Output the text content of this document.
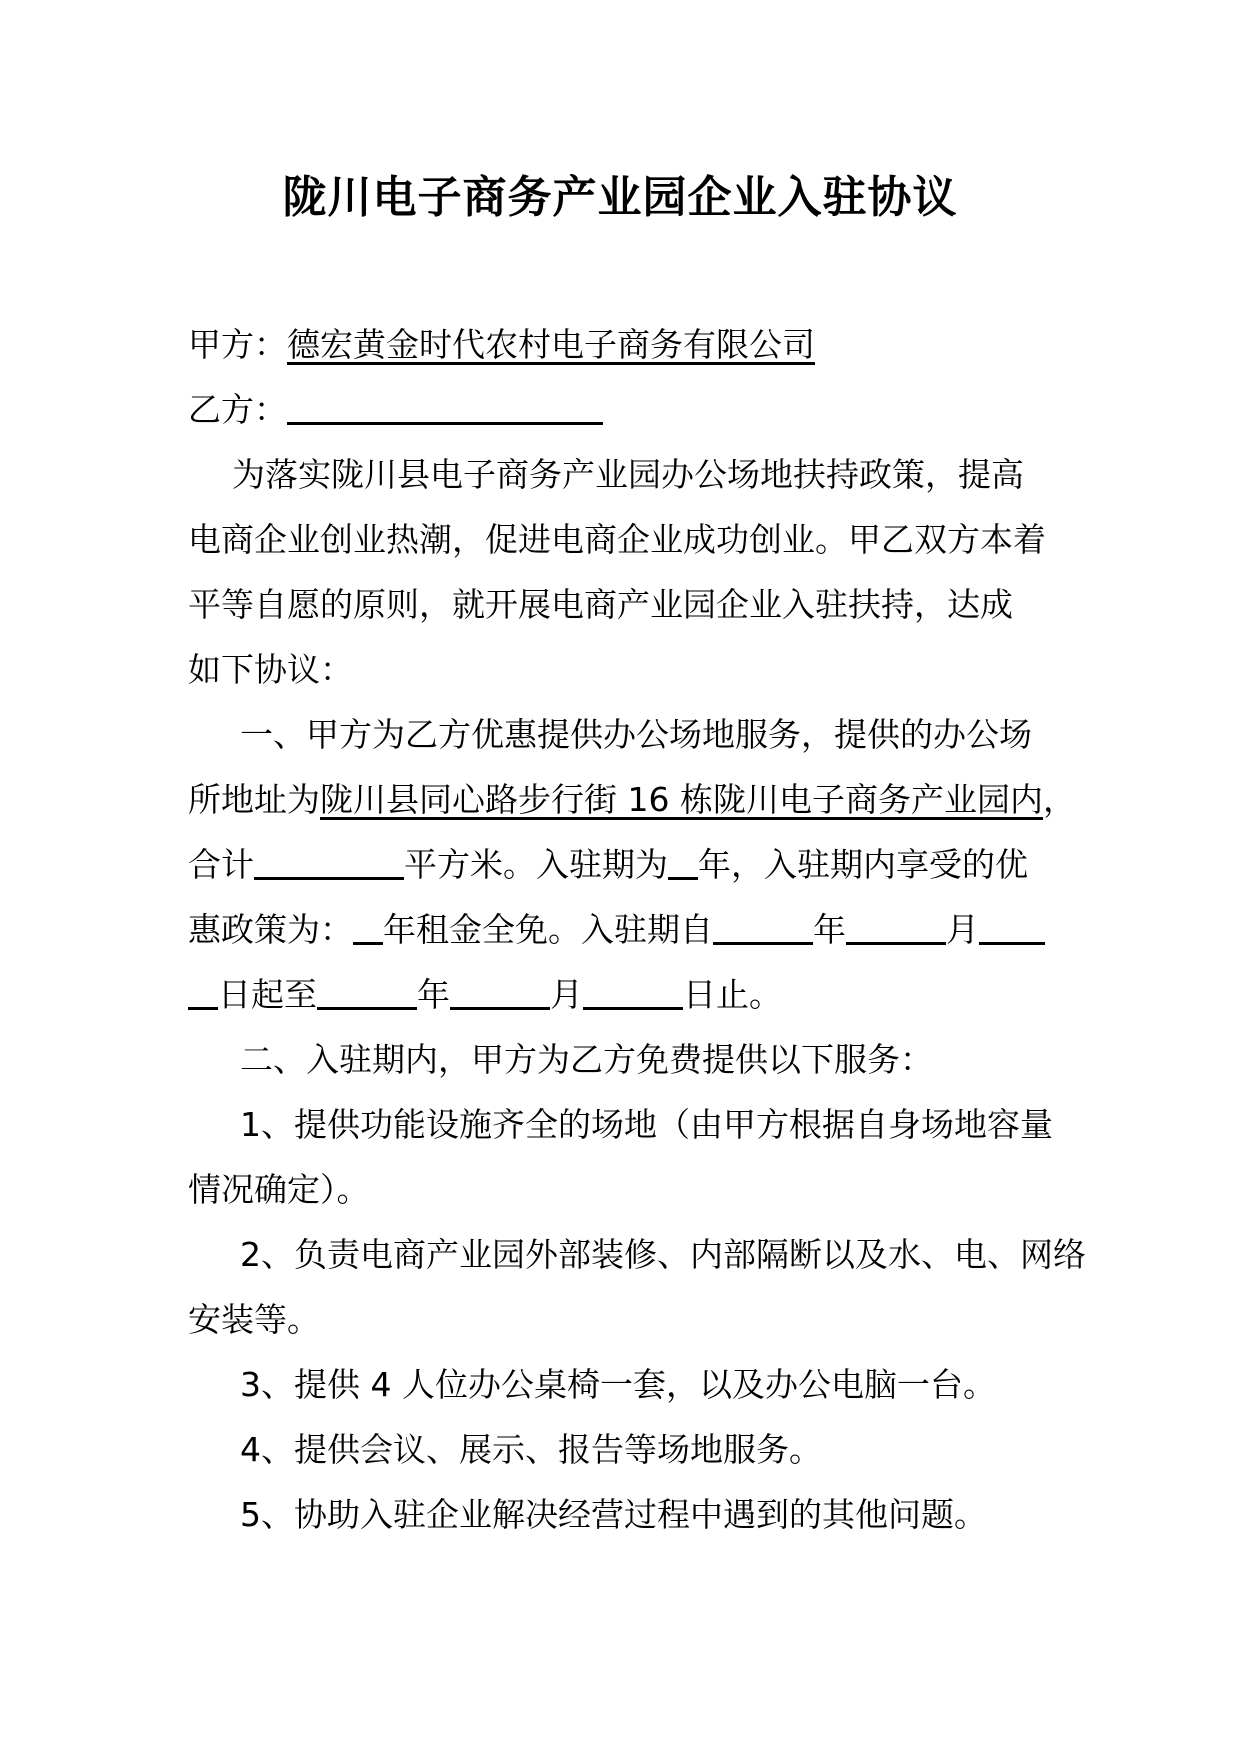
陇川电子商务产业园企业入驻协议
甲方：德宏黄金时代农村电子商务有限公司
乙方：
为落实陇川县电子商务产业园办公场地扶持政策，提高
电商企业创业热潮，促进电商企业成功创业。甲乙双方本着
平等自愿的原则，就开展电商产业园企业入驻扶持，达成
如下协议：
一、甲方为乙方优惠提供办公场地服务，提供的办公场
所地址为陇川县同心路步行街 16 栋陇川电子商务产业园内，
合计	平方米。入驻期为 年，入驻期内享受的优
惠政策为： 年租金全免。入驻期自	年	月
日起至	年	月	日止。
二、入驻期内，甲方为乙方免费提供以下服务：
1、提供功能设施齐全的场地（由甲方根据自身场地容量
情况确定）。
2、负责电商产业园外部装修、内部隔断以及水、电、网络
安装等。
3、提供 4 人位办公桌椅一套，以及办公电脑一台。
4、提供会议、展示、报告等场地服务。
5、协助入驻企业解决经营过程中遇到的其他问题。
